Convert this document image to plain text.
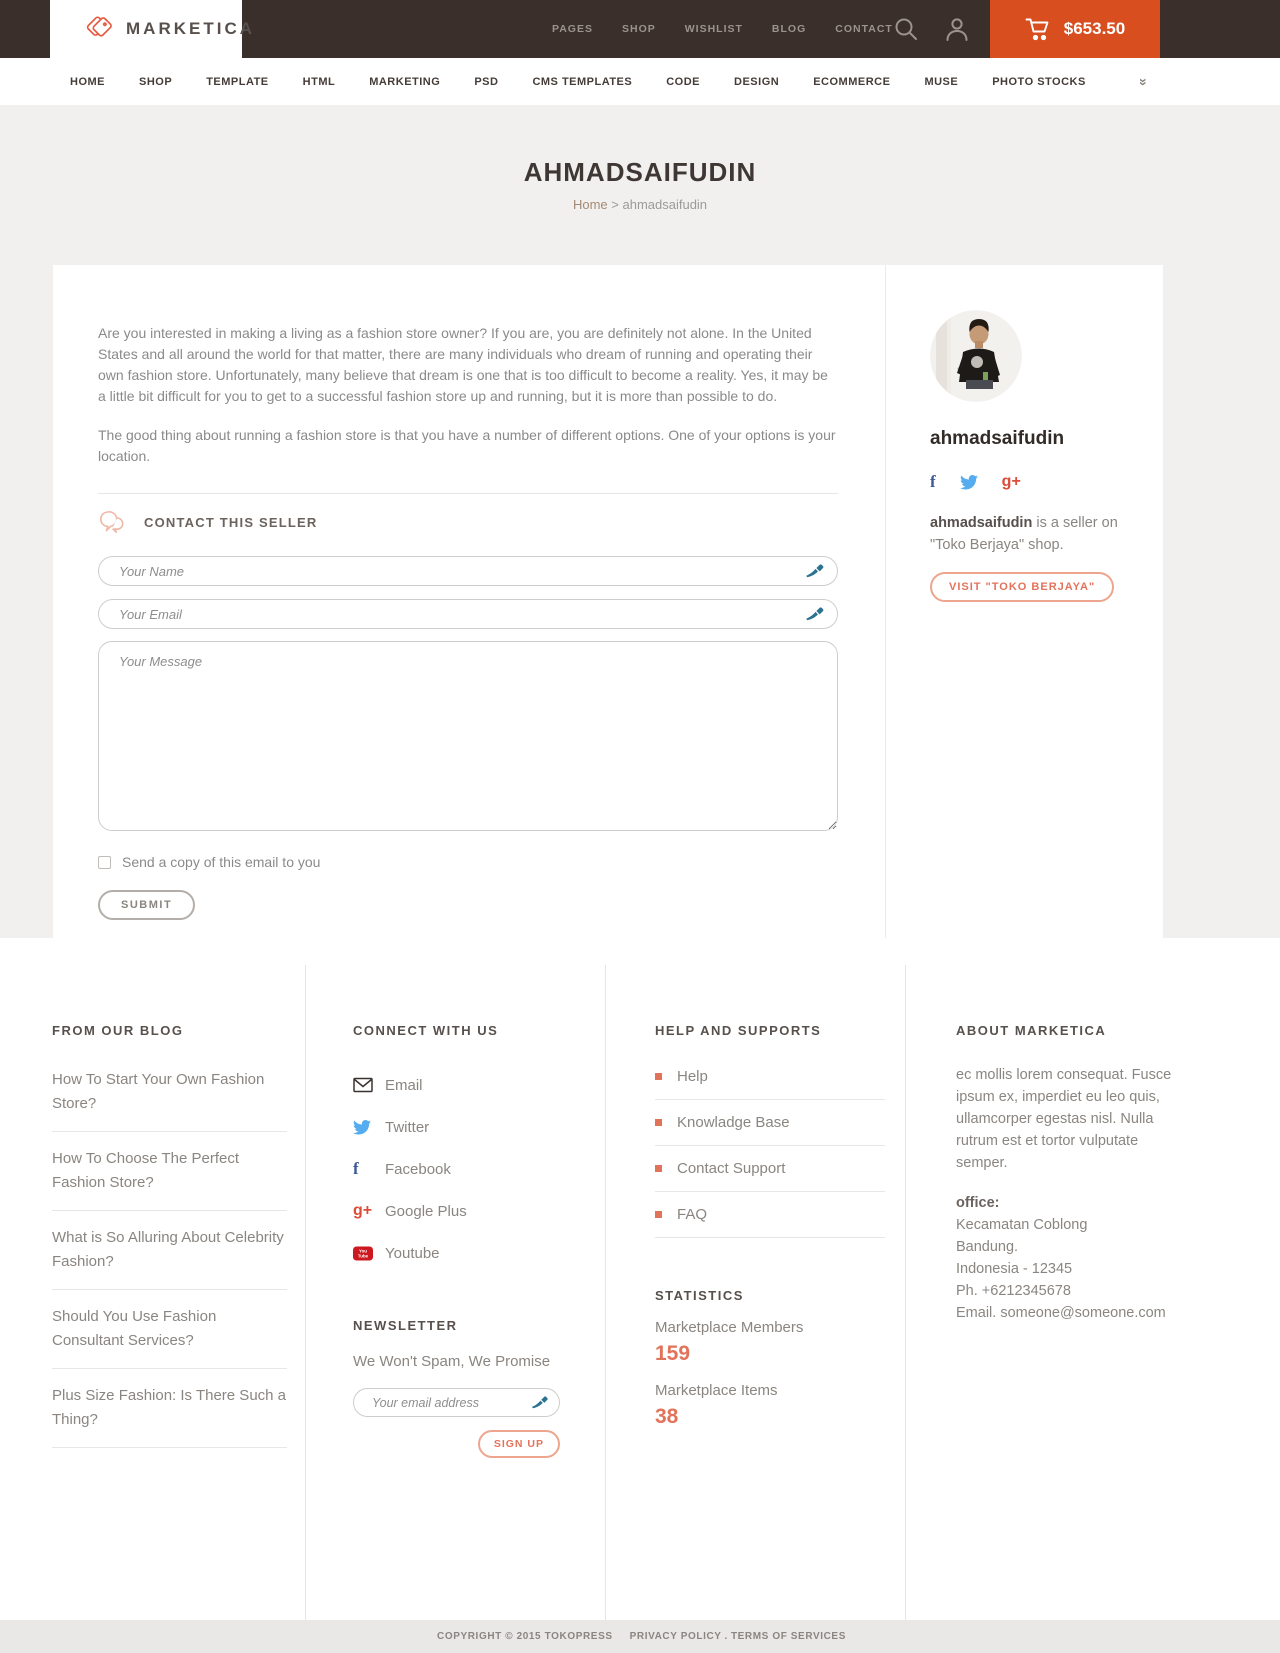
MARKETICA	PAGES	SHOP	WISHLIST	BLOG	CONTACT	$653.50
HOME	SHOP	TEMPLATE	HTML	MARKETING	PSD	CMS TEMPLATES	CODE	DESIGN	ECOMMERCE	MUSE	PHOTO STOCKS	»
AHMADSAIFUDIN
Home > ahmadsaifudin

Are you interested in making a living as a fashion store owner? If you are, you are definitely not alone. In the United States and all around the world for that matter, there are many individuals who dream of running and operating their own fashion store. Unfortunately, many believe that dream is one that is too difficult to become a reality. Yes, it may be a little bit difficult for you to get to a successful fashion store up and running, but it is more than possible to do.

The good thing about running a fashion store is that you have a number of different options. One of your options is your location.

CONTACT THIS SELLER
Your Name
Your Email
Your Message
Send a copy of this email to you
SUBMIT
ahmadsaifudin
f	g+
ahmadsaifudin is a seller on "Toko Berjaya" shop.
VISIT "TOKO BERJAYA"
FROM OUR BLOG
How To Start Your Own Fashion Store?
How To Choose The Perfect Fashion Store?
What is So Alluring About Celebrity Fashion?
Should You Use Fashion Consultant Services?
Plus Size Fashion: Is There Such a Thing?
CONNECT WITH US
Email
Twitter
f Facebook
g+ Google Plus
You
Tube Youtube
NEWSLETTER
We Won't Spam, We Promise
Your email address
SIGN UP
HELP AND SUPPORTS
Help
Knowladge Base
Contact Support
FAQ
STATISTICS
Marketplace Members
159
Marketplace Items
38
ABOUT MARKETICA

ec mollis lorem consequat. Fusce ipsum ex, imperdiet eu leo quis, ullamcorper egestas nisl. Nulla rutrum est et tortor vulputate semper.

office:
Kecamatan Coblong
Bandung.
Indonesia - 12345
Ph. +6212345678
Email. someone@someone.com
COPYRIGHT © 2015 TOKOPRESS PRIVACY POLICY . TERMS OF SERVICES
